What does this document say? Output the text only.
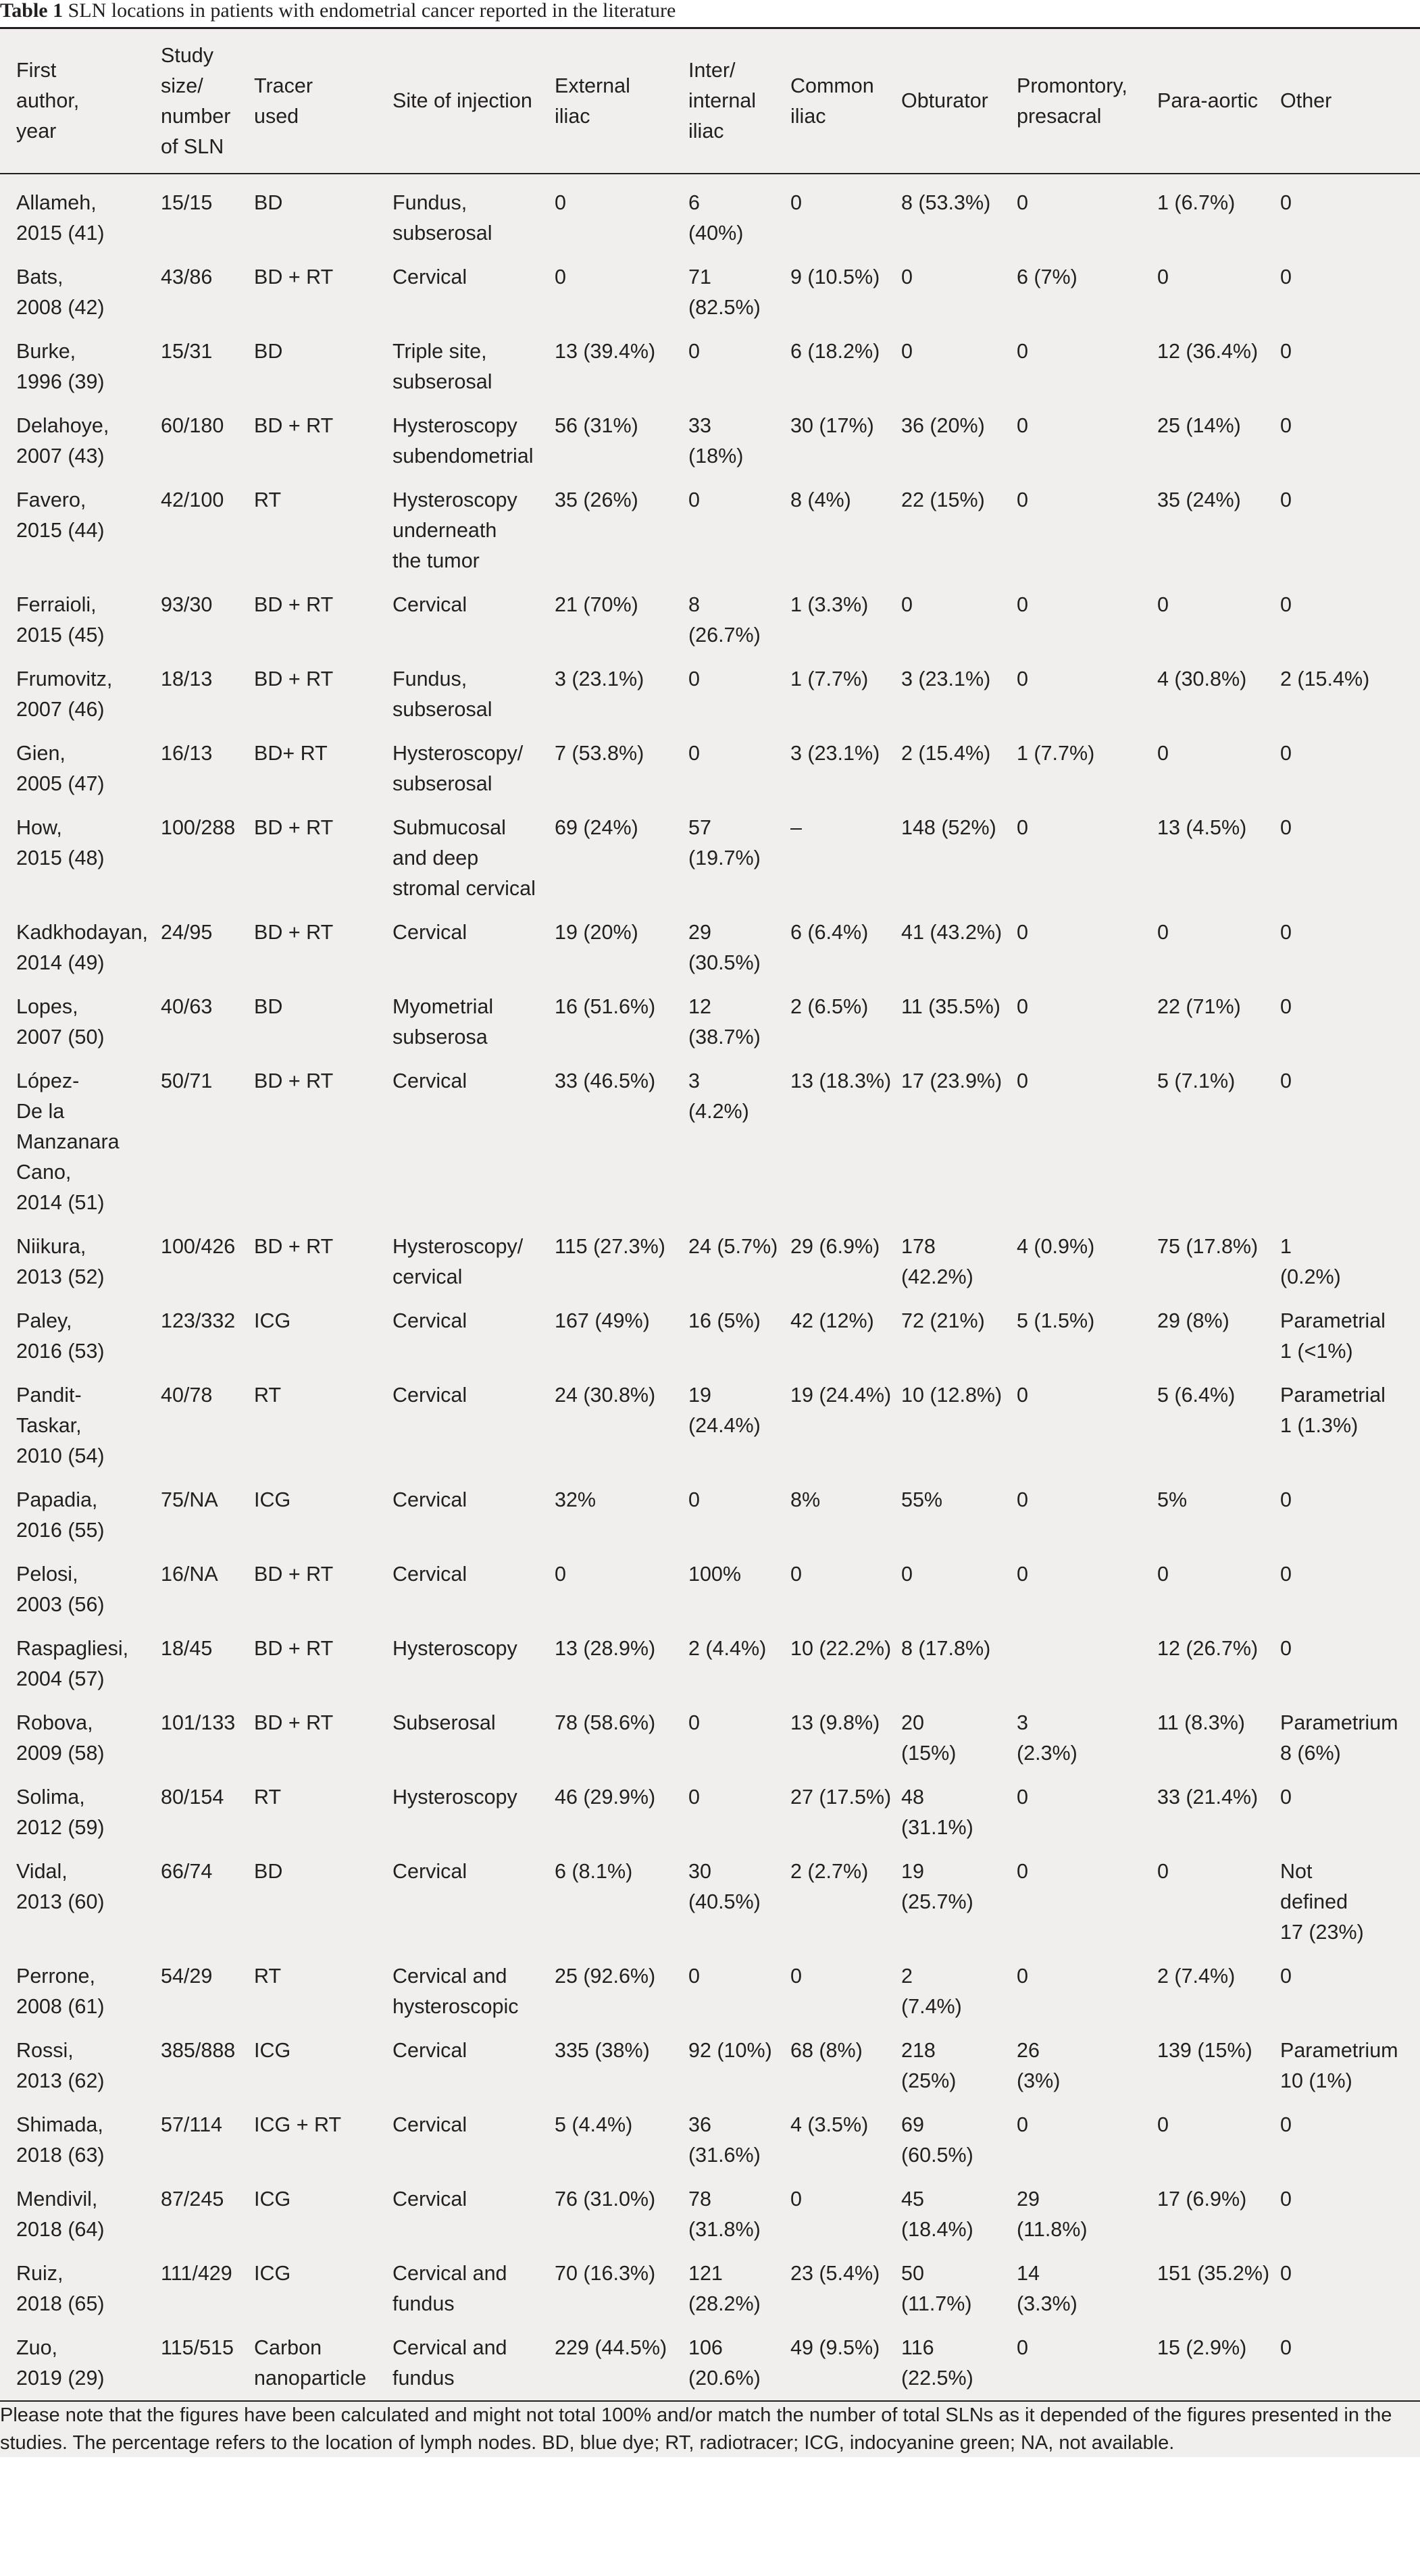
Table 1 SLN locations in patients with endometrial cancer reported in the literature
First
author,
year	Study
size/
number
of SLN	Tracer
used	Site of injection	External
iliac	Inter/
internal
iliac	Common
iliac	Obturator	Promontory,
presacral	Para-aortic	Other
Allameh,
2015 (41)	15/15	BD	Fundus,
subserosal	0	6
(40%)	0	8 (53.3%)	0	1 (6.7%)	0
Bats,
2008 (42)	43/86	BD + RT	Cervical	0	71
(82.5%)	9 (10.5%)	0	6 (7%)	0	0
Burke,
1996 (39)	15/31	BD	Triple site,
subserosal	13 (39.4%)	0	6 (18.2%)	0	0	12 (36.4%)	0
Delahoye,
2007 (43)	60/180	BD + RT	Hysteroscopy
subendometrial	56 (31%)	33
(18%)	30 (17%)	36 (20%)	0	25 (14%)	0
Favero,
2015 (44)	42/100	RT	Hysteroscopy
underneath
the tumor	35 (26%)	0	8 (4%)	22 (15%)	0	35 (24%)	0
Ferraioli,
2015 (45)	93/30	BD + RT	Cervical	21 (70%)	8
(26.7%)	1 (3.3%)	0	0	0	0
Frumovitz,
2007 (46)	18/13	BD + RT	Fundus,
subserosal	3 (23.1%)	0	1 (7.7%)	3 (23.1%)	0	4 (30.8%)	2 (15.4%)
Gien,
2005 (47)	16/13	BD+ RT	Hysteroscopy/
subserosal	7 (53.8%)	0	3 (23.1%)	2 (15.4%)	1 (7.7%)	0	0
How,
2015 (48)	100/288	BD + RT	Submucosal
and deep
stromal cervical	69 (24%)	57
(19.7%)	–	148 (52%)	0	13 (4.5%)	0
Kadkhodayan,
2014 (49)	24/95	BD + RT	Cervical	19 (20%)	29
(30.5%)	6 (6.4%)	41 (43.2%)	0	0	0
Lopes,
2007 (50)	40/63	BD	Myometrial
subserosa	16 (51.6%)	12
(38.7%)	2 (6.5%)	11 (35.5%)	0	22 (71%)	0
López-
De la
Manzanara
Cano,
2014 (51)	50/71	BD + RT	Cervical	33 (46.5%)	3
(4.2%)	13 (18.3%)	17 (23.9%)	0	5 (7.1%)	0
Niikura,
2013 (52)	100/426	BD + RT	Hysteroscopy/
cervical	115 (27.3%)	24 (5.7%)	29 (6.9%)	178
(42.2%)	4 (0.9%)	75 (17.8%)	1
(0.2%)
Paley,
2016 (53)	123/332	ICG	Cervical	167 (49%)	16 (5%)	42 (12%)	72 (21%)	5 (1.5%)	29 (8%)	Parametrial
1 (<1%)
Pandit-
Taskar,
2010 (54)	40/78	RT	Cervical	24 (30.8%)	19
(24.4%)	19 (24.4%)	10 (12.8%)	0	5 (6.4%)	Parametrial
1 (1.3%)
Papadia,
2016 (55)	75/NA	ICG	Cervical	32%	0	8%	55%	0	5%	0
Pelosi,
2003 (56)	16/NA	BD + RT	Cervical	0	100%	0	0	0	0	0
Raspagliesi,
2004 (57)	18/45	BD + RT	Hysteroscopy	13 (28.9%)	2 (4.4%)	10 (22.2%)	8 (17.8%)		12 (26.7%)	0
Robova,
2009 (58)	101/133	BD + RT	Subserosal	78 (58.6%)	0	13 (9.8%)	20
(15%)	3
(2.3%)	11 (8.3%)	Parametrium
8 (6%)
Solima,
2012 (59)	80/154	RT	Hysteroscopy	46 (29.9%)	0	27 (17.5%)	48
(31.1%)	0	33 (21.4%)	0
Vidal,
2013 (60)	66/74	BD	Cervical	6 (8.1%)	30
(40.5%)	2 (2.7%)	19
(25.7%)	0	0	Not
defined
17 (23%)
Perrone,
2008 (61)	54/29	RT	Cervical and
hysteroscopic	25 (92.6%)	0	0	2
(7.4%)	0	2 (7.4%)	0
Rossi,
2013 (62)	385/888	ICG	Cervical	335 (38%)	92 (10%)	68 (8%)	218
(25%)	26
(3%)	139 (15%)	Parametrium
10 (1%)
Shimada,
2018 (63)	57/114	ICG + RT	Cervical	5 (4.4%)	36
(31.6%)	4 (3.5%)	69
(60.5%)	0	0	0
Mendivil,
2018 (64)	87/245	ICG	Cervical	76 (31.0%)	78
(31.8%)	0	45
(18.4%)	29
(11.8%)	17 (6.9%)	0
Ruiz,
2018 (65)	111/429	ICG	Cervical and
fundus	70 (16.3%)	121
(28.2%)	23 (5.4%)	50
(11.7%)	14
(3.3%)	151 (35.2%)	0
Zuo,
2019 (29)	115/515	Carbon
nanoparticle	Cervical and
fundus	229 (44.5%)	106
(20.6%)	49 (9.5%)	116
(22.5%)	0	15 (2.9%)	0
Please note that the figures have been calculated and might not total 100% and/or match the number of total SLNs as it depended of the figures presented in the studies. The percentage refers to the location of lymph nodes. BD, blue dye; RT, radiotracer; ICG, indocyanine green; NA, not available.										
